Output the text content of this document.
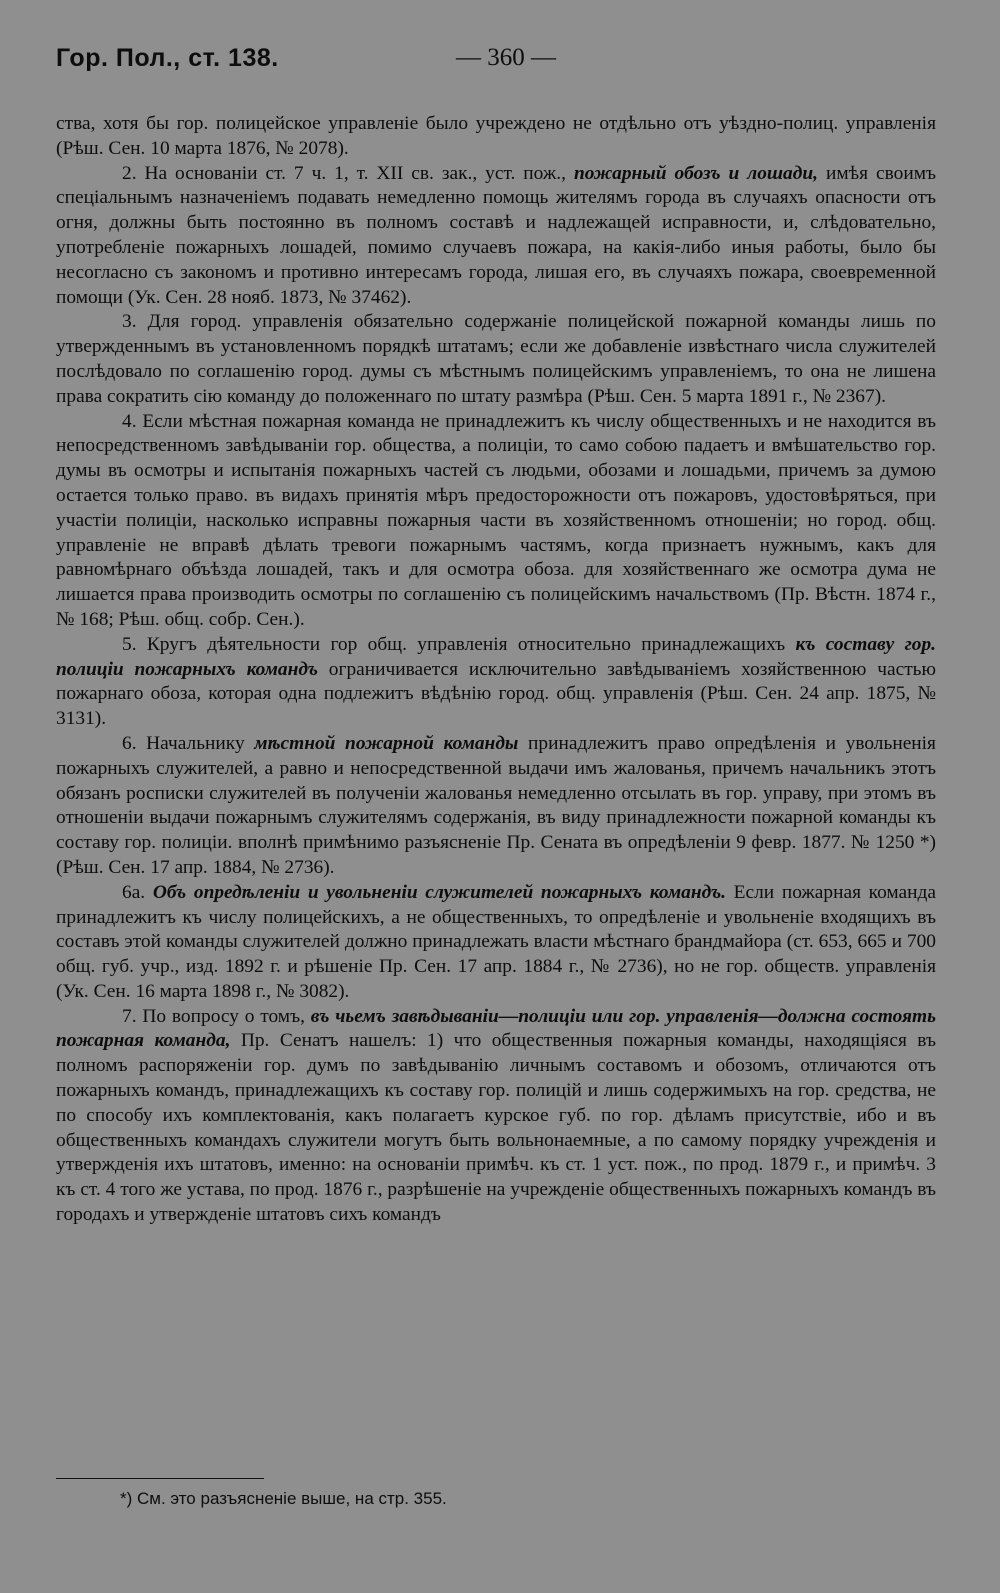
Гор. Пол., ст. 138.	— 360 —

ства, хотя бы гор. полицейское управленіе было учреждено не отдѣльно отъ уѣздно-полиц. управленія (Рѣш. Сен. 10 марта 1876, № 2078).

2. На основаніи ст. 7 ч. 1, т. XII св. зак., уст. пож., пожарный обозъ и лошади, имѣя своимъ спеціальнымъ назначеніемъ подавать немедленно помощь жителямъ города въ случаяхъ опасности отъ огня, должны быть постоянно въ полномъ составѣ и надлежащей исправности, и, слѣдовательно, употребленіе пожарныхъ лошадей, помимо случаевъ пожара, на какія-либо иныя работы, было бы несогласно съ закономъ и противно интересамъ города, лишая его, въ случаяхъ пожара, своевременной помощи (Ук. Сен. 28 нояб. 1873, № 37462).

3. Для город. управленія обязательно содержаніе полицейской пожарной команды лишь по утвержденнымъ въ установленномъ порядкѣ штатамъ; если же добавленіе извѣстнаго числа служителей послѣдовало по соглашенію город. думы съ мѣстнымъ полицейскимъ управленіемъ, то она не лишена права сократить сію команду до положеннаго по штату размѣра (Рѣш. Сен. 5 марта 1891 г., № 2367).

4. Если мѣстная пожарная команда не принадлежитъ къ числу общественныхъ и не находится въ непосредственномъ завѣдываніи гор. общества, а полиціи, то само собою падаетъ и вмѣшательство гор. думы въ осмотры и испытанія пожарныхъ частей съ людьми, обозами и лошадьми, причемъ за думою остается только право. въ видахъ принятія мѣръ предосторожности отъ пожаровъ, удостовѣряться, при участіи полиціи, насколько исправны пожарныя части въ хозяйственномъ отношеніи; но город. общ. управленіе не вправѣ дѣлать тревоги пожарнымъ частямъ, когда признаетъ нужнымъ, какъ для равномѣрнаго объѣзда лошадей, такъ и для осмотра обоза. для хозяйственнаго же осмотра дума не лишается права производить осмотры по соглашенію съ полицейскимъ начальствомъ (Пр. Вѣстн. 1874 г., № 168; Рѣш. общ. собр. Сен.).

5. Кругъ дѣятельности гор общ. управленія относительно принадлежащихъ къ составу гор. полиціи пожарныхъ командъ ограничивается исключительно завѣдываніемъ хозяйственною частью пожарнаго обоза, которая одна подлежитъ вѣдѣнію город. общ. управленія (Рѣш. Сен. 24 апр. 1875, № 3131).

6. Начальнику мѣстной пожарной команды принадлежитъ право опредѣленія и увольненія пожарныхъ служителей, а равно и непосредственной выдачи имъ жалованья, причемъ начальникъ этотъ обязанъ росписки служителей въ полученіи жалованья немедленно отсылать въ гор. управу, при этомъ въ отношеніи выдачи пожарнымъ служителямъ содержанія, въ виду принадлежности пожарной команды къ составу гор. полиціи. вполнѣ примѣнимо разъясненіе Пр. Сената въ опредѣленіи 9 февр. 1877. № 1250 *) (Рѣш. Сен. 17 апр. 1884, № 2736).

6а. Объ опредѣленіи и увольненіи служителей пожарныхъ командъ. Если пожарная команда принадлежитъ къ числу полицейскихъ, а не общественныхъ, то опредѣленіе и увольненіе входящихъ въ составъ этой команды служителей должно принадлежать власти мѣстнаго брандмайора (ст. 653, 665 и 700 общ. губ. учр., изд. 1892 г. и рѣшеніе Пр. Сен. 17 апр. 1884 г., № 2736), но не гор. обществ. управленія (Ук. Сен. 16 марта 1898 г., № 3082).

7. По вопросу о томъ, въ чьемъ завѣдываніи—полиціи или гор. управленія—должна состоять пожарная команда, Пр. Сенатъ нашелъ: 1) что общественныя пожарныя команды, находящіяся въ полномъ распоряженіи гор. думъ по завѣдыванію личнымъ составомъ и обозомъ, отличаются отъ пожарныхъ командъ, принадлежащихъ къ составу гор. полицій и лишь содержимыхъ на гор. средства, не по способу ихъ комплектованія, какъ полагаетъ курское губ. по гор. дѣламъ присутствіе, ибо и въ общественныхъ командахъ служители могутъ быть вольнонаемные, а по самому порядку учрежденія и утвержденія ихъ штатовъ, именно: на основаніи примѣч. къ ст. 1 уст. пож., по прод. 1879 г., и примѣч. 3 къ ст. 4 того же устава, по прод. 1876 г., разрѣшеніе на учрежденіе общественныхъ пожарныхъ командъ въ городахъ и утвержденіе штатовъ сихъ командъ

*) См. это разъясненіе выше, на стр. 355.
